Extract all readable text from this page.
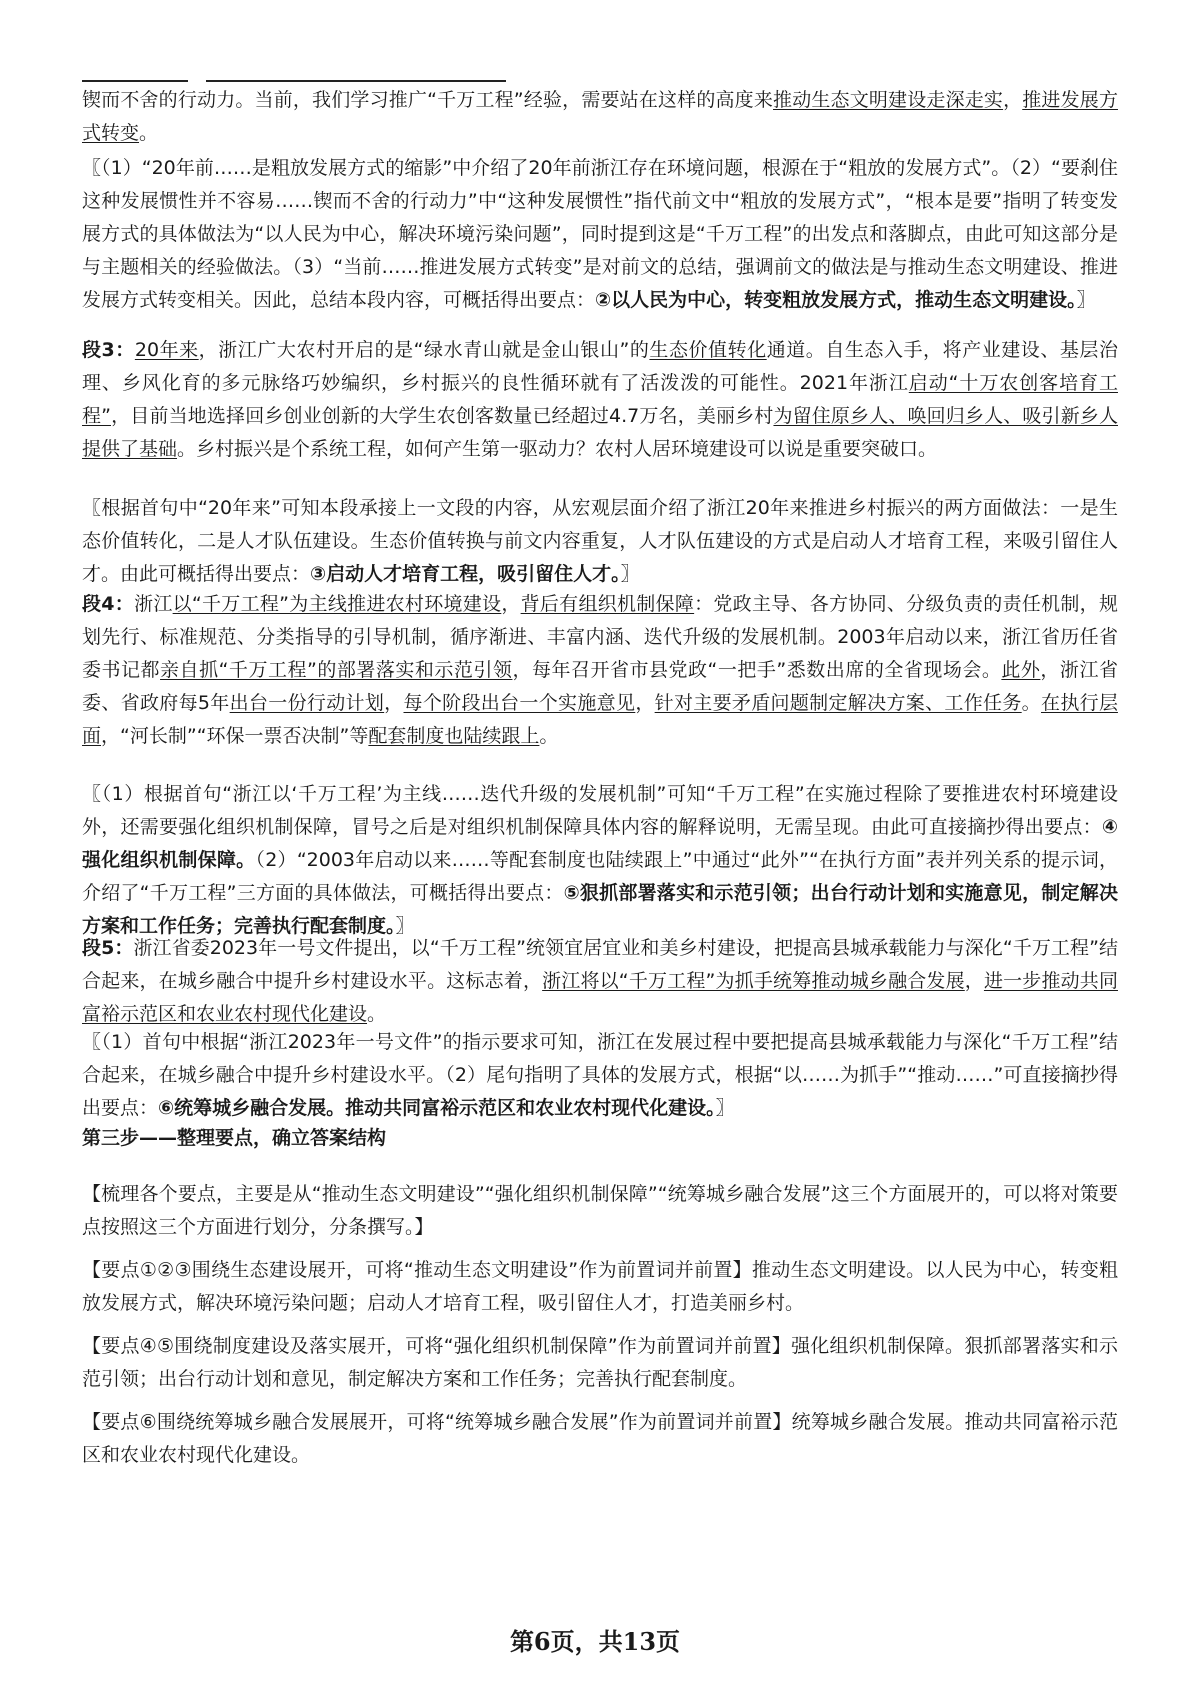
锲而不舍的行动力。当前，我们学习推广“千万工程”经验，需要站在这样的高度来推动生态文明建设走深走实，推进发展方式转变。

〖（1）“20年前……是粗放发展方式的缩影”中介绍了20年前浙江存在环境问题，根源在于“粗放的发展方式”。（2）“要刹住这种发展惯性并不容易……锲而不舍的行动力”中“这种发展惯性”指代前文中“粗放的发展方式”，“根本是要”指明了转变发展方式的具体做法为“以人民为中心，解决环境污染问题”，同时提到这是“千万工程”的出发点和落脚点，由此可知这部分是与主题相关的经验做法。（3）“当前……推进发展方式转变”是对前文的总结，强调前文的做法是与推动生态文明建设、推进发展方式转变相关。因此，总结本段内容，可概括得出要点：②以人民为中心，转变粗放发展方式，推动生态文明建设。〗

段3：20年来，浙江广大农村开启的是“绿水青山就是金山银山”的生态价值转化通道。自生态入手，将产业建设、基层治理、乡风化育的多元脉络巧妙编织，乡村振兴的良性循环就有了活泼泼的可能性。2021年浙江启动“十万农创客培育工程”，目前当地选择回乡创业创新的大学生农创客数量已经超过4.7万名，美丽乡村为留住原乡人、唤回归乡人、吸引新乡人提供了基础。乡村振兴是个系统工程，如何产生第一驱动力？农村人居环境建设可以说是重要突破口。

〖根据首句中“20年来”可知本段承接上一文段的内容，从宏观层面介绍了浙江20年来推进乡村振兴的两方面做法：一是生态价值转化，二是人才队伍建设。生态价值转换与前文内容重复，人才队伍建设的方式是启动人才培育工程，来吸引留住人才。由此可概括得出要点：③启动人才培育工程，吸引留住人才。〗

段4：浙江以“千万工程”为主线推进农村环境建设，背后有组织机制保障：党政主导、各方协同、分级负责的责任机制，规划先行、标准规范、分类指导的引导机制，循序渐进、丰富内涵、迭代升级的发展机制。2003年启动以来，浙江省历任省委书记都亲自抓“千万工程”的部署落实和示范引领，每年召开省市县党政“一把手”悉数出席的全省现场会。此外，浙江省委、省政府每5年出台一份行动计划，每个阶段出台一个实施意见，针对主要矛盾问题制定解决方案、工作任务。在执行层面，“河长制”“环保一票否决制”等配套制度也陆续跟上。

〖（1）根据首句“浙江以‘千万工程’为主线……迭代升级的发展机制”可知“千万工程”在实施过程除了要推进农村环境建设外，还需要强化组织机制保障，冒号之后是对组织机制保障具体内容的解释说明，无需呈现。由此可直接摘抄得出要点：④强化组织机制保障。（2）“2003年启动以来……等配套制度也陆续跟上”中通过“此外”“在执行方面”表并列关系的提示词，介绍了“千万工程”三方面的具体做法，可概括得出要点：⑤狠抓部署落实和示范引领；出台行动计划和实施意见，制定解决方案和工作任务；完善执行配套制度。〗

段5：浙江省委2023年一号文件提出，以“千万工程”统领宜居宜业和美乡村建设，把提高县城承载能力与深化“千万工程”结合起来，在城乡融合中提升乡村建设水平。这标志着，浙江将以“千万工程”为抓手统筹推动城乡融合发展，进一步推动共同富裕示范区和农业农村现代化建设。

〖（1）首句中根据“浙江2023年一号文件”的指示要求可知，浙江在发展过程中要把提高县城承载能力与深化“千万工程”结合起来，在城乡融合中提升乡村建设水平。（2）尾句指明了具体的发展方式，根据“以……为抓手”“推动……”可直接摘抄得出要点：⑥统筹城乡融合发展。推动共同富裕示范区和农业农村现代化建设。〗

第三步——整理要点，确立答案结构

【梳理各个要点，主要是从“推动生态文明建设”“强化组织机制保障”“统筹城乡融合发展”这三个方面展开的，可以将对策要点按照这三个方面进行划分，分条撰写。】

【要点①②③围绕生态建设展开，可将“推动生态文明建设”作为前置词并前置】推动生态文明建设。以人民为中心，转变粗放发展方式，解决环境污染问题；启动人才培育工程，吸引留住人才，打造美丽乡村。

【要点④⑤围绕制度建设及落实展开，可将“强化组织机制保障”作为前置词并前置】强化组织机制保障。狠抓部署落实和示范引领；出台行动计划和意见，制定解决方案和工作任务；完善执行配套制度。

【要点⑥围绕统筹城乡融合发展展开，可将“统筹城乡融合发展”作为前置词并前置】统筹城乡融合发展。推动共同富裕示范区和农业农村现代化建设。

第6页，共13页
